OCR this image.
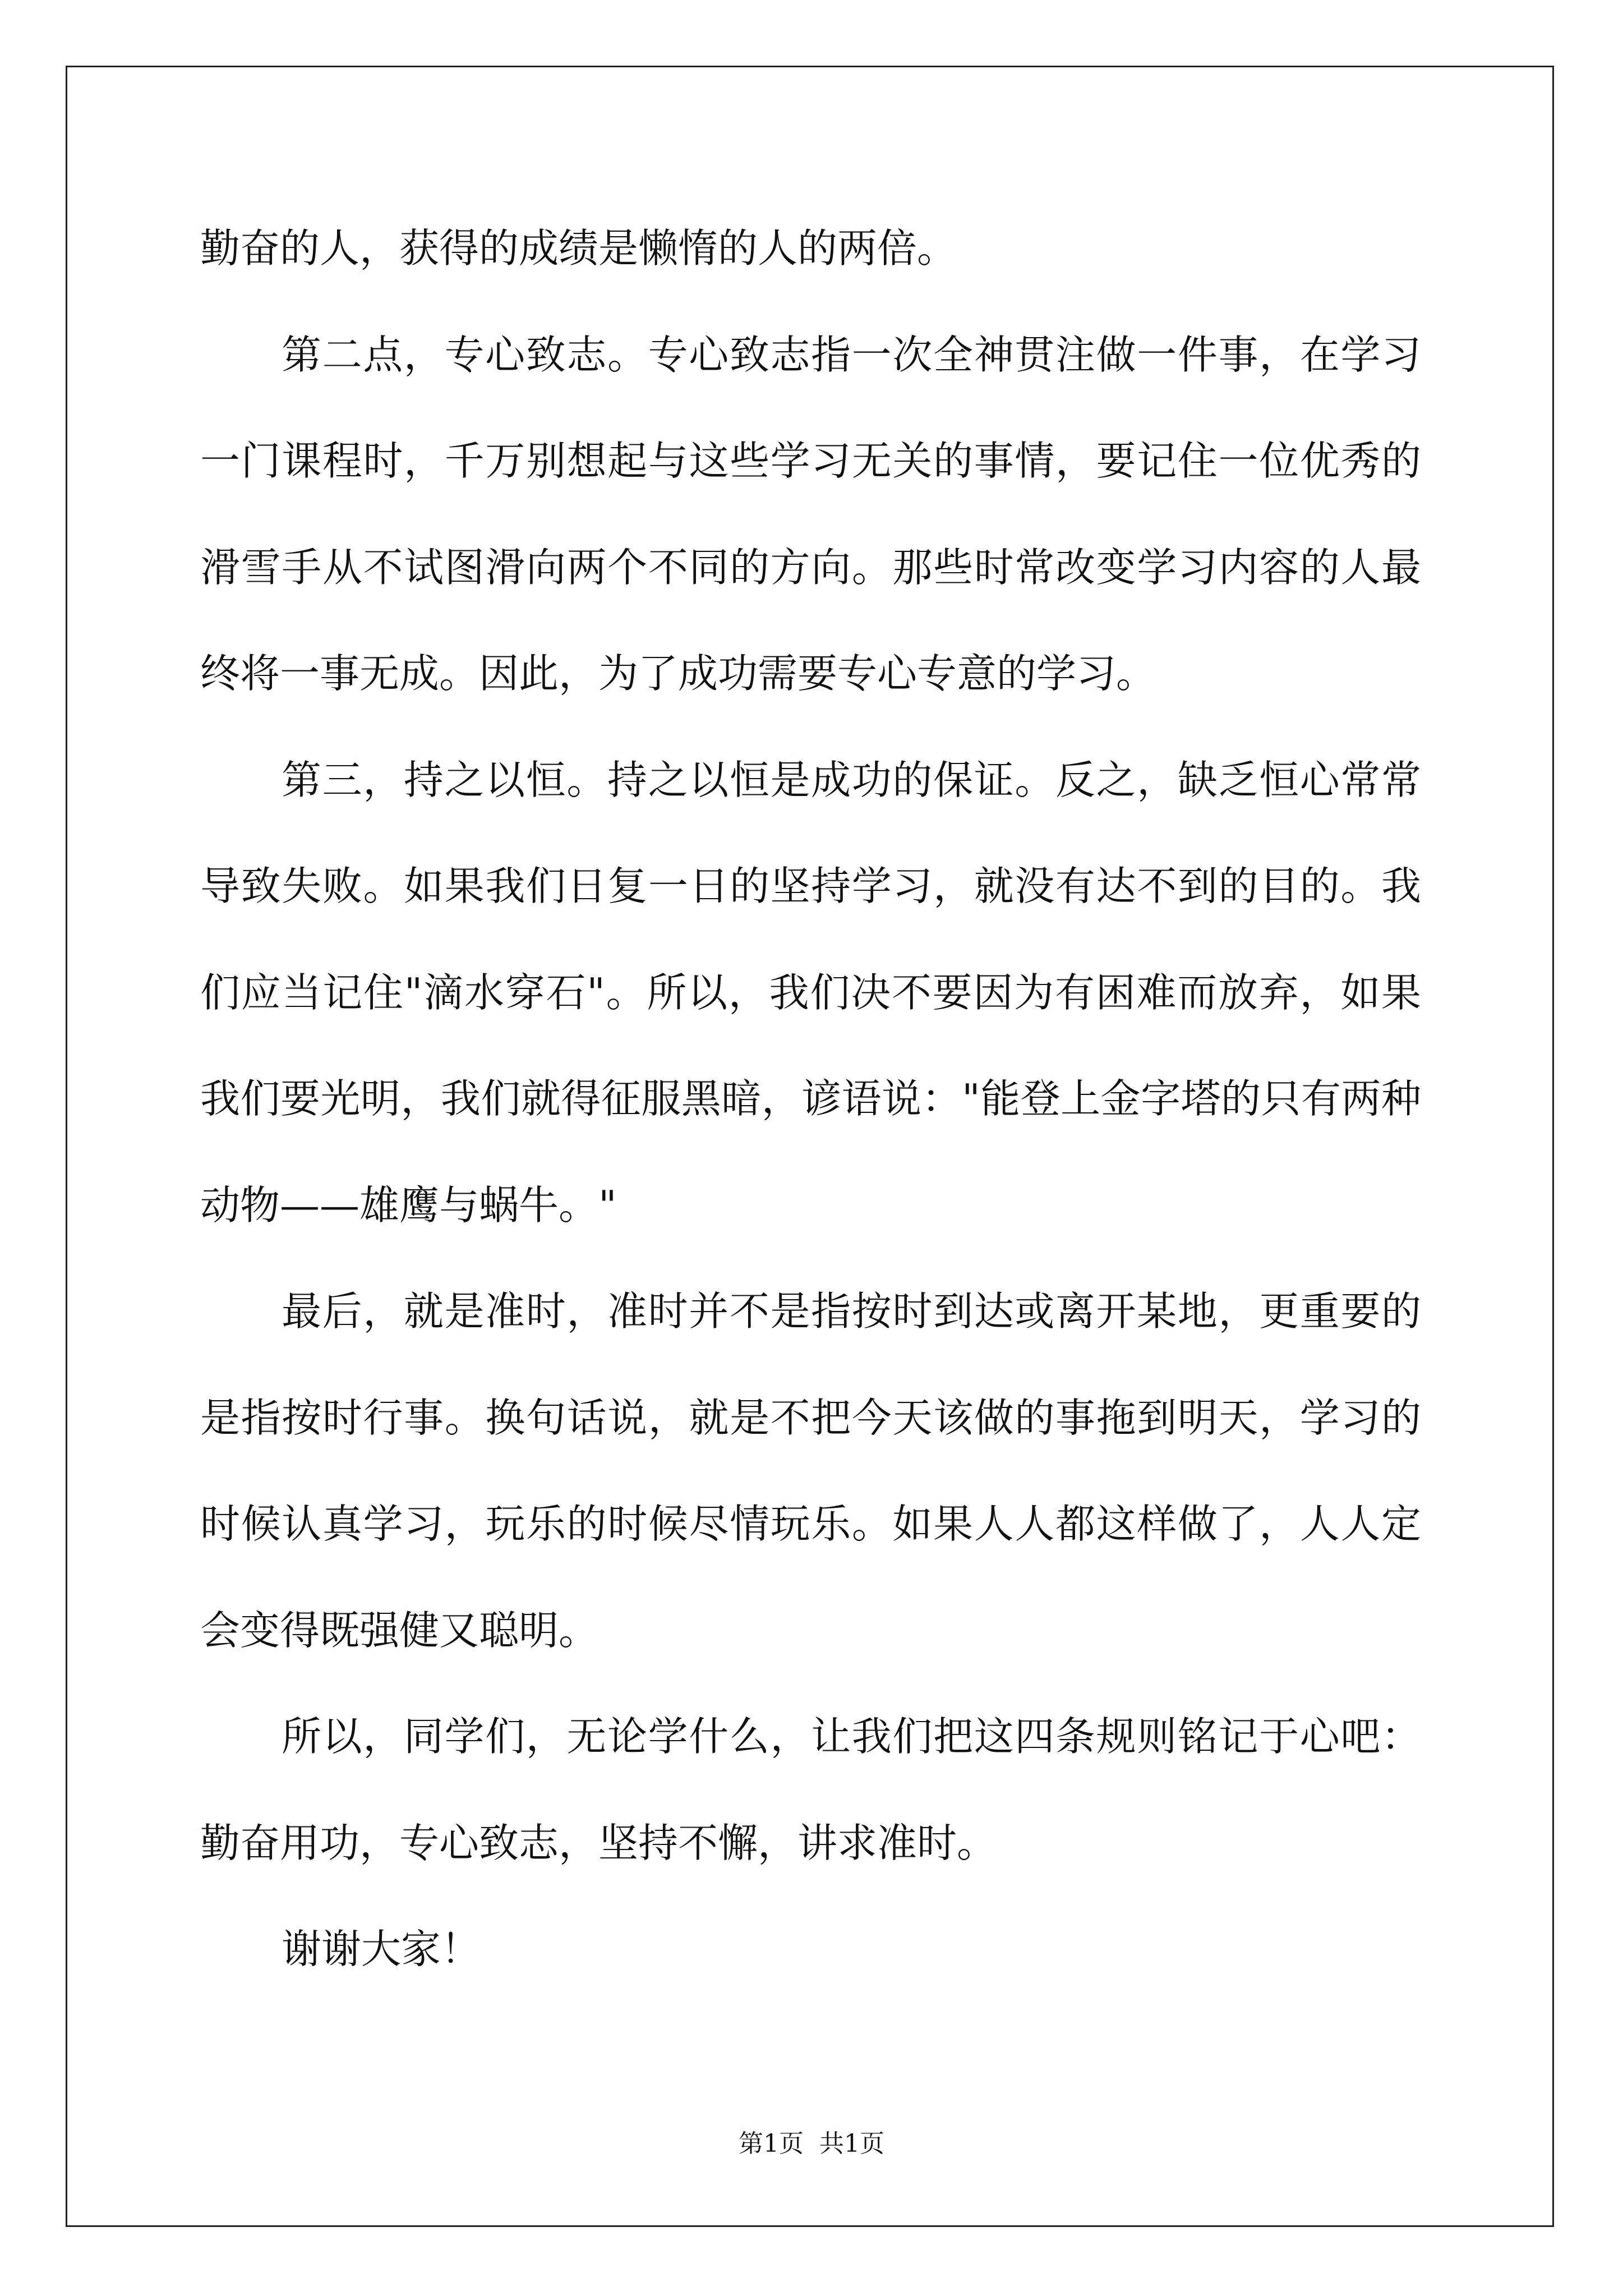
勤奋的人，获得的成绩是懒惰的人的两倍。
第二点，专心致志。专心致志指一次全神贯注做一件事，在学习
一门课程时，千万别想起与这些学习无关的事情，要记住一位优秀的
滑雪手从不试图滑向两个不同的方向。那些时常改变学习内容的人最
终将一事无成。因此，为了成功需要专心专意的学习。
第三，持之以恒。持之以恒是成功的保证。反之，缺乏恒心常常
导致失败。如果我们日复一日的坚持学习，就没有达不到的目的。我
们应当记住"滴水穿石"。所以，我们决不要因为有困难而放弃，如果
我们要光明，我们就得征服黑暗，谚语说："能登上金字塔的只有两种
动物——雄鹰与蜗牛。"
最后，就是准时，准时并不是指按时到达或离开某地，更重要的
是指按时行事。换句话说，就是不把今天该做的事拖到明天，学习的
时候认真学习，玩乐的时候尽情玩乐。如果人人都这样做了，人人定
会变得既强健又聪明。
所以，同学们，无论学什么，让我们把这四条规则铭记于心吧：
勤奋用功，专心致志，坚持不懈，讲求准时。
谢谢大家！
第1页  共1页
